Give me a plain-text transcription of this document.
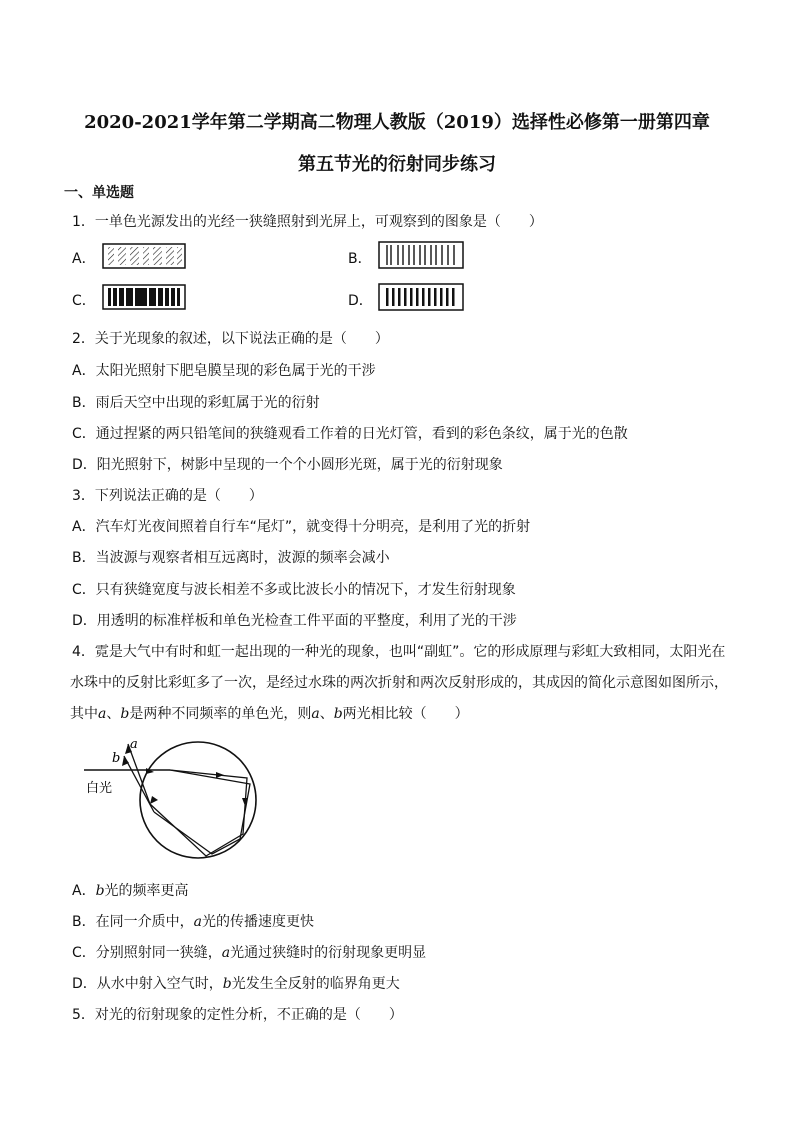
2020-2021学年第二学期高二物理人教版（2019）选择性必修第一册第四章
第五节光的衍射同步练习
一、单选题
1．一单色光源发出的光经一狭缝照射到光屏上，可观察到的图象是（　　）
A．	B．
C．	D．
2．关于光现象的叙述，以下说法正确的是（　　）
A．太阳光照射下肥皂膜呈现的彩色属于光的干涉
B．雨后天空中出现的彩虹属于光的衍射
C．通过捏紧的两只铅笔间的狭缝观看工作着的日光灯管，看到的彩色条纹，属于光的色散
D．阳光照射下，树影中呈现的一个个小圆形光斑，属于光的衍射现象
3．下列说法正确的是（　　）
A．汽车灯光夜间照着自行车“尾灯”，就变得十分明亮，是利用了光的折射
B．当波源与观察者相互远离时，波源的频率会减小
C．只有狭缝宽度与波长相差不多或比波长小的情况下，才发生衍射现象
D．用透明的标准样板和单色光检查工件平面的平整度，利用了光的干涉
4．霓是大气中有时和虹一起出现的一种光的现象，也叫“副虹”。它的形成原理与彩虹大致相同，太阳光在
水珠中的反射比彩虹多了一次，是经过水珠的两次折射和两次反射形成的，其成因的简化示意图如图所示，
其中a、b是两种不同频率的单色光，则a、b两光相比较（　　）
a
b
白光
A．b光的频率更高
B．在同一介质中，a光的传播速度更快
C．分别照射同一狭缝，a光通过狭缝时的衍射现象更明显
D．从水中射入空气时，b光发生全反射的临界角更大
5．对光的衍射现象的定性分析，不正确的是（　　）
